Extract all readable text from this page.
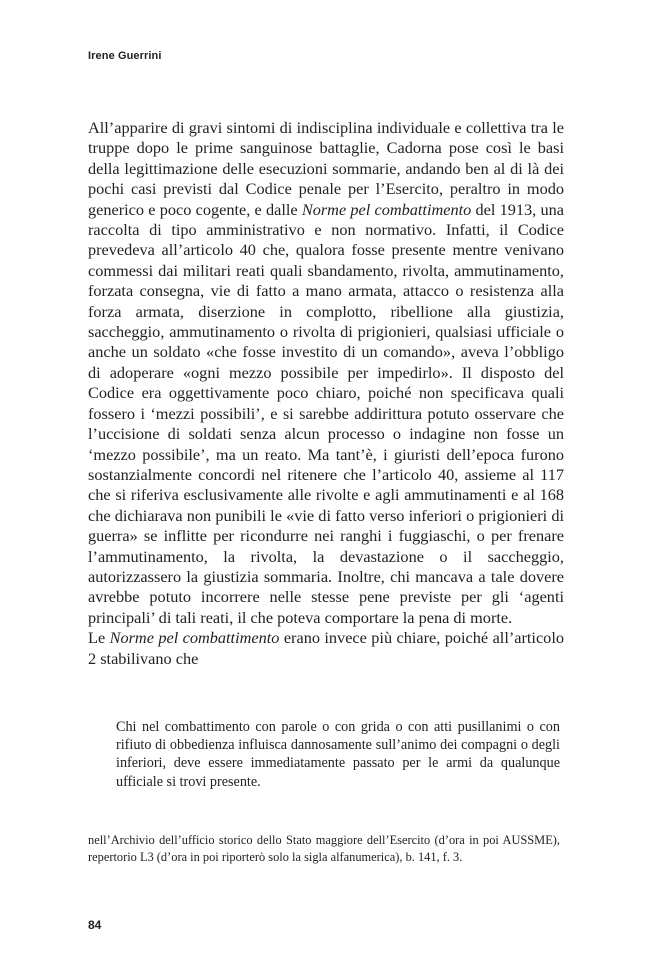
Irene Guerrini

All’apparire di gravi sintomi di indisciplina individuale e collettiva tra le truppe dopo le prime sanguinose battaglie, Cadorna pose così le basi della legittimazione delle esecuzioni sommarie, andando ben al di là dei pochi casi previsti dal Codice penale per l’Esercito, peraltro in modo generico e poco cogente, e dalle Norme pel combattimento del 1913, una raccolta di tipo amministrativo e non normativo. Infatti, il Codice prevedeva all’articolo 40 che, qualora fosse presente mentre venivano commessi dai militari reati quali sbandamento, rivolta, ammutinamento, forzata consegna, vie di fatto a mano armata, attacco o resistenza alla forza armata, diserzione in complotto, ribellione alla giustizia, saccheggio, ammutinamento o rivolta di prigionieri, qualsiasi ufficiale o anche un soldato «che fosse investito di un comando», aveva l’obbligo di adoperare «ogni mezzo possibile per impedirlo». Il disposto del Codice era oggettivamente poco chiaro, poiché non specificava quali fossero i ‘mezzi possibili’, e si sarebbe addirittura potuto osservare che l’uccisione di soldati senza alcun processo o indagine non fosse un ‘mezzo possibile’, ma un reato. Ma tant’è, i giuristi dell’epoca furono sostanzialmente concordi nel ritenere che l’articolo 40, assieme al 117 che si riferiva esclusivamente alle rivolte e agli ammutinamenti e al 168 che dichiarava non punibili le «vie di fatto verso inferiori o prigionieri di guerra» se inflitte per ricondurre nei ranghi i fuggiaschi, o per frenare l’ammutinamento, la rivolta, la devastazione o il saccheggio, autorizzassero la giustizia sommaria. Inoltre, chi mancava a tale dovere avrebbe potuto incorrere nelle stesse pene previste per gli ‘agenti principali’ di tali reati, il che poteva comportare la pena di morte.

Le Norme pel combattimento erano invece più chiare, poiché all’articolo 2 stabilivano che

Chi nel combattimento con parole o con grida o con atti pusillanimi o con rifiuto di obbedienza influisca dannosamente sull’animo dei compagni o degli inferiori, deve essere immediatamente passato per le armi da qualunque ufficiale si trovi presente.

nell’Archivio dell’ufficio storico dello Stato maggiore dell’Esercito (d’ora in poi AUSSME), repertorio L3 (d’ora in poi riporterò solo la sigla alfanumerica), b. 141, f. 3.

84
